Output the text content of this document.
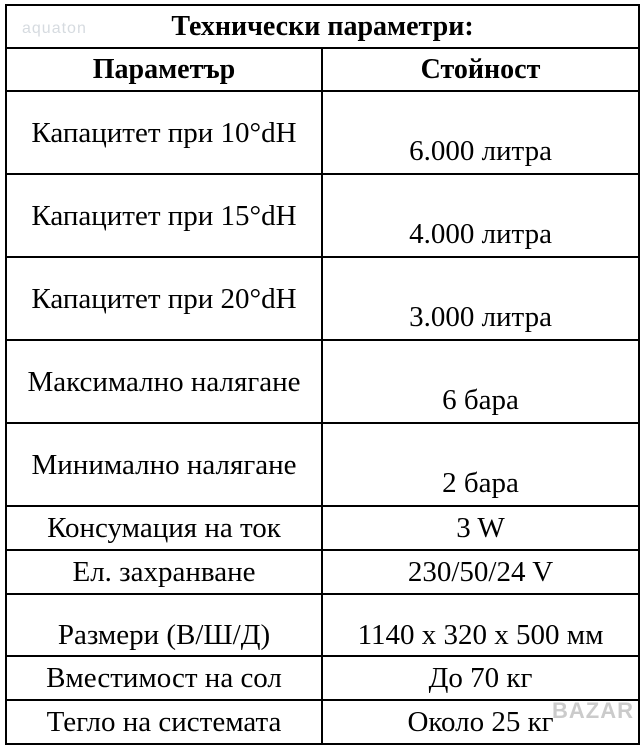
Технически параметри:	
Параметър	Стойност
Капацитет при 10°dH	6.000 литра
Капацитет при 15°dH	4.000 литра
Капацитет при 20°dH	3.000 литра
Максимално налягане	6 бара
Минимално налягане	2 бара
Консумация на ток	3 W
Ел. захранване	230/50/24 V
Размери (В/Ш/Д)	1140 х 320 х 500 мм
Вместимост на сол	До 70 кг
Тегло на системата	Около 25 кг
aquaton
BAZAR
